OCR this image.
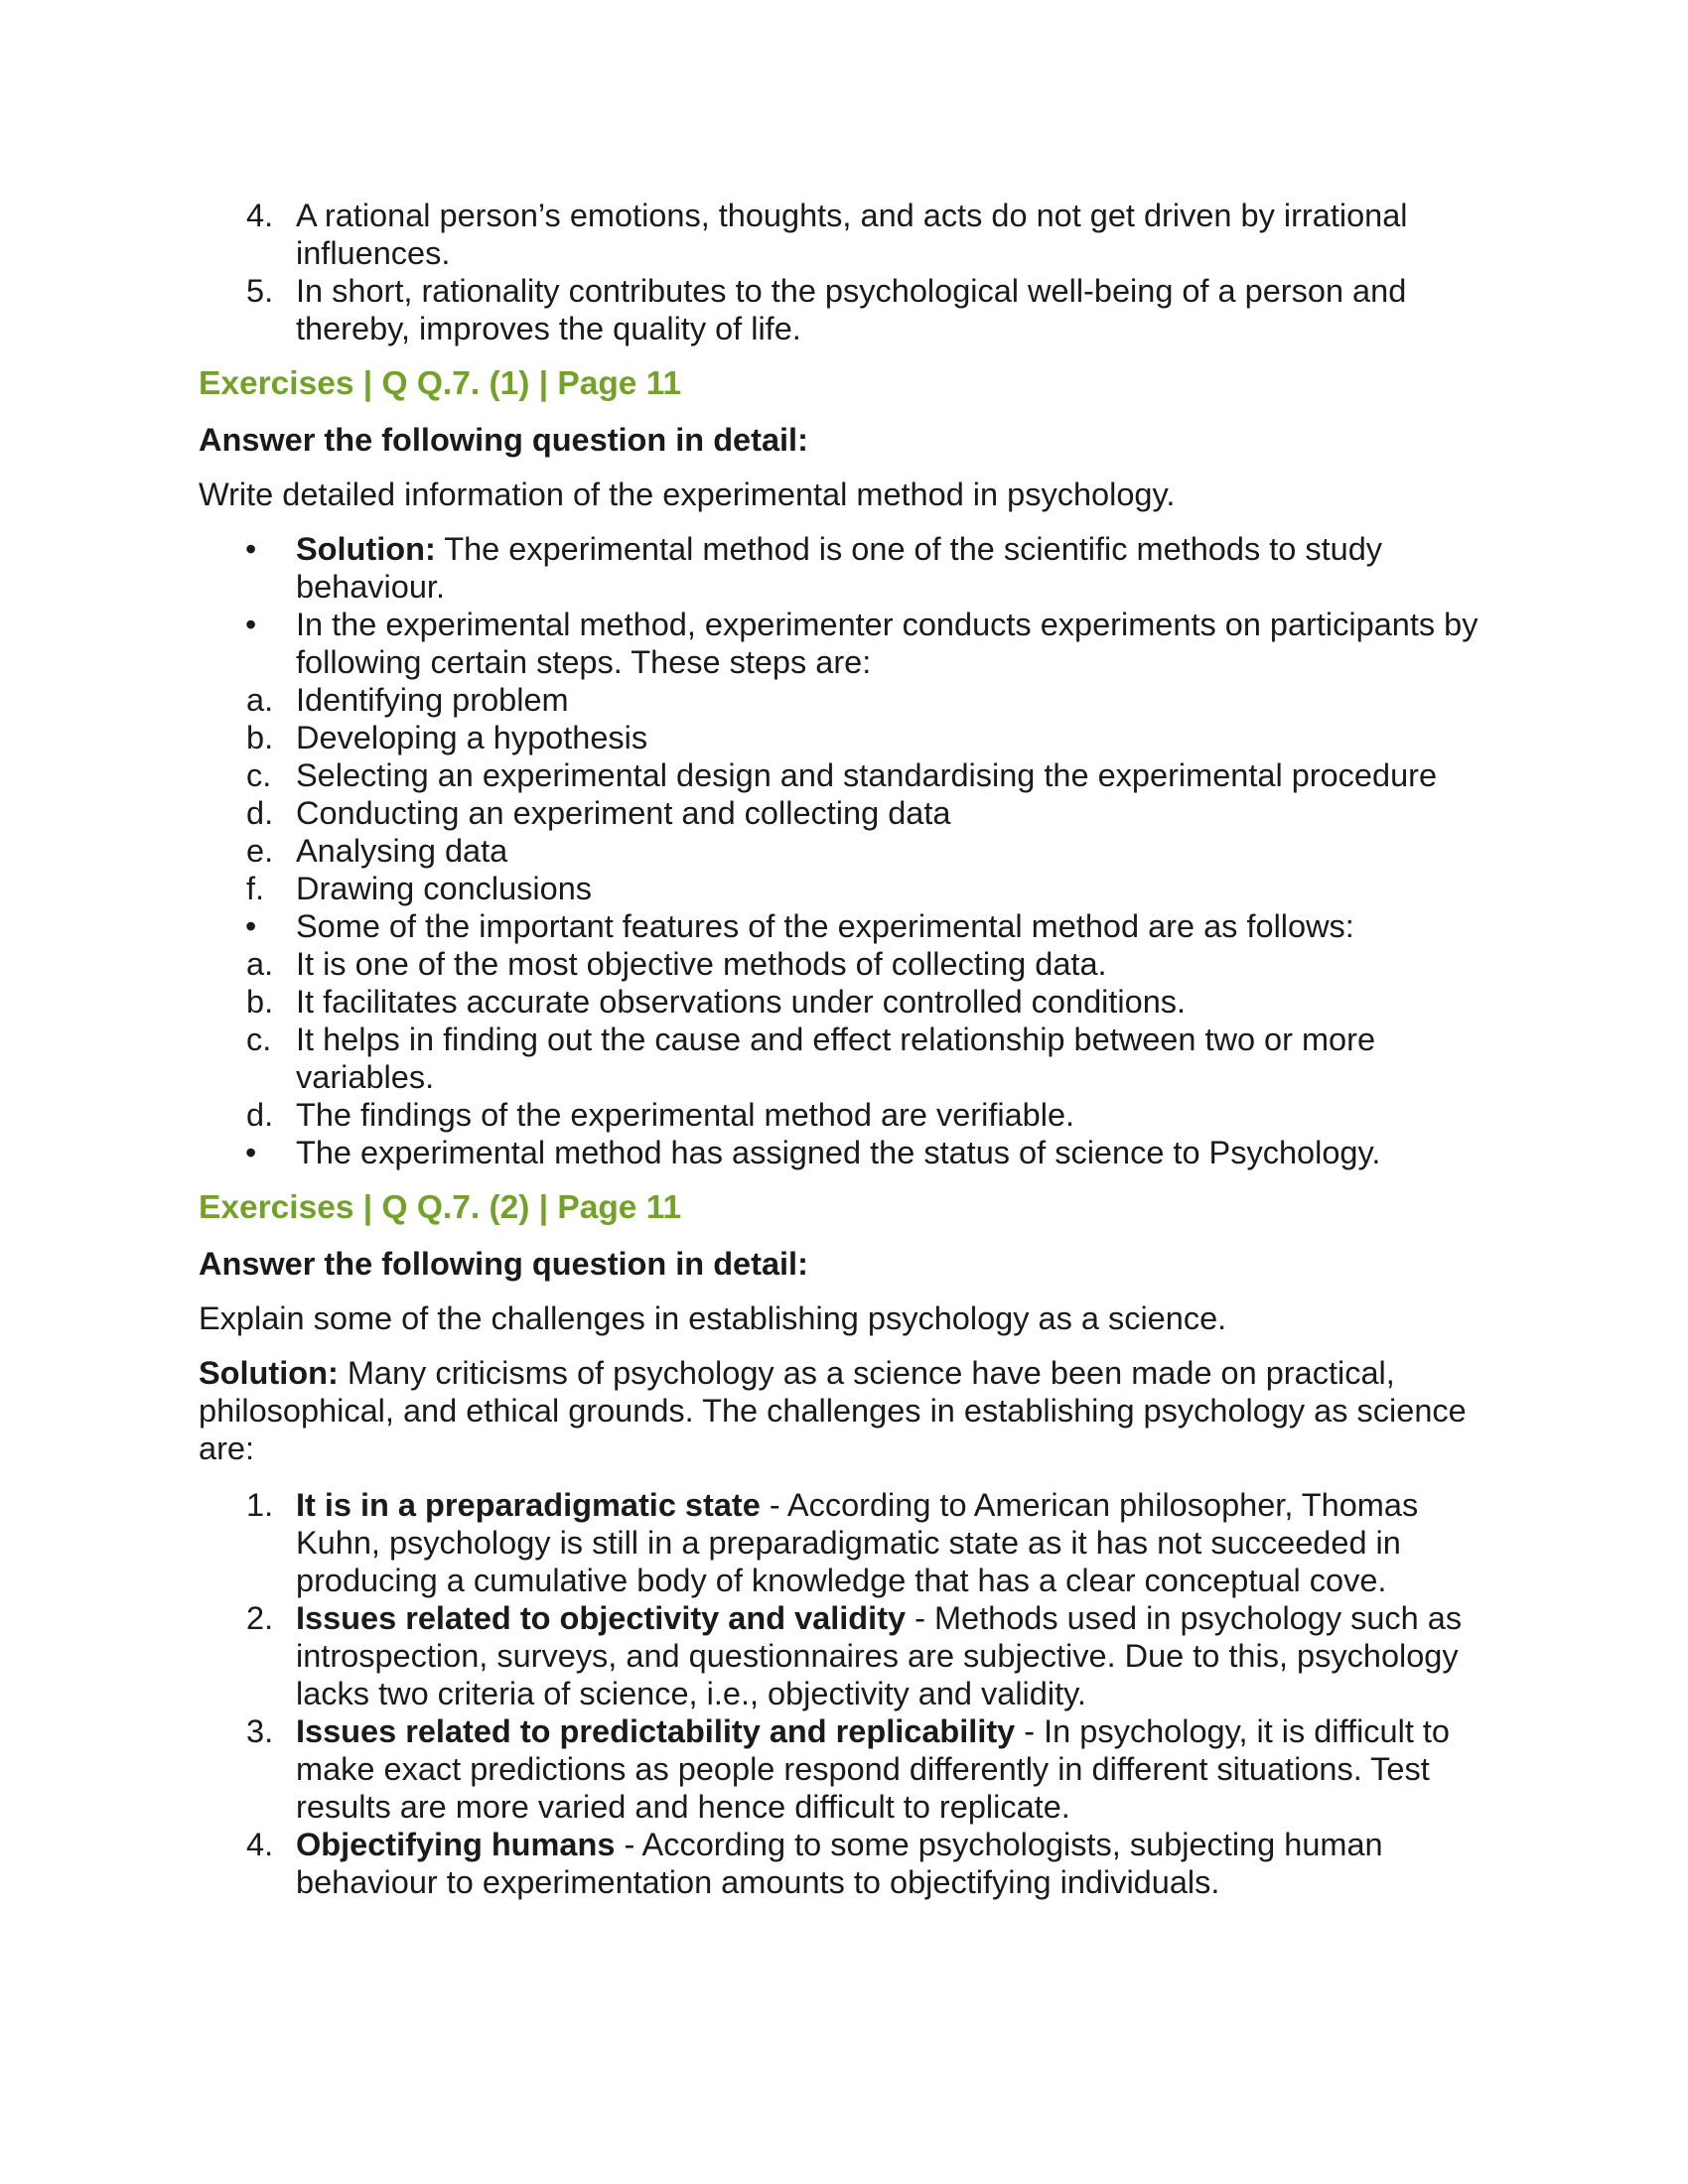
4. A rational person’s emotions, thoughts, and acts do not get driven by irrational influences.
5. In short, rationality contributes to the psychological well-being of a person and thereby, improves the quality of life.
Exercises | Q Q.7. (1) | Page 11

Answer the following question in detail:

Write detailed information of the experimental method in psychology.

• Solution: The experimental method is one of the scientific methods to study behaviour.
• In the experimental method, experimenter conducts experiments on participants by following certain steps. These steps are:
a. Identifying problem
b. Developing a hypothesis
c. Selecting an experimental design and standardising the experimental procedure
d. Conducting an experiment and collecting data
e. Analysing data
f. Drawing conclusions
• Some of the important features of the experimental method are as follows:
a. It is one of the most objective methods of collecting data.
b. It facilitates accurate observations under controlled conditions.
c. It helps in finding out the cause and effect relationship between two or more variables.
d. The findings of the experimental method are verifiable.
• The experimental method has assigned the status of science to Psychology.
Exercises | Q Q.7. (2) | Page 11

Answer the following question in detail:

Explain some of the challenges in establishing psychology as a science.

Solution: Many criticisms of psychology as a science have been made on practical, philosophical, and ethical grounds. The challenges in establishing psychology as science are:

1. It is in a preparadigmatic state - According to American philosopher, Thomas Kuhn, psychology is still in a preparadigmatic state as it has not succeeded in producing a cumulative body of knowledge that has a clear conceptual cove.
2. Issues related to objectivity and validity - Methods used in psychology such as introspection, surveys, and questionnaires are subjective. Due to this, psychology lacks two criteria of science, i.e., objectivity and validity.
3. Issues related to predictability and replicability - In psychology, it is difficult to make exact predictions as people respond differently in different situations. Test results are more varied and hence difficult to replicate.
4. Objectifying humans - According to some psychologists, subjecting human behaviour to experimentation amounts to objectifying individuals.
